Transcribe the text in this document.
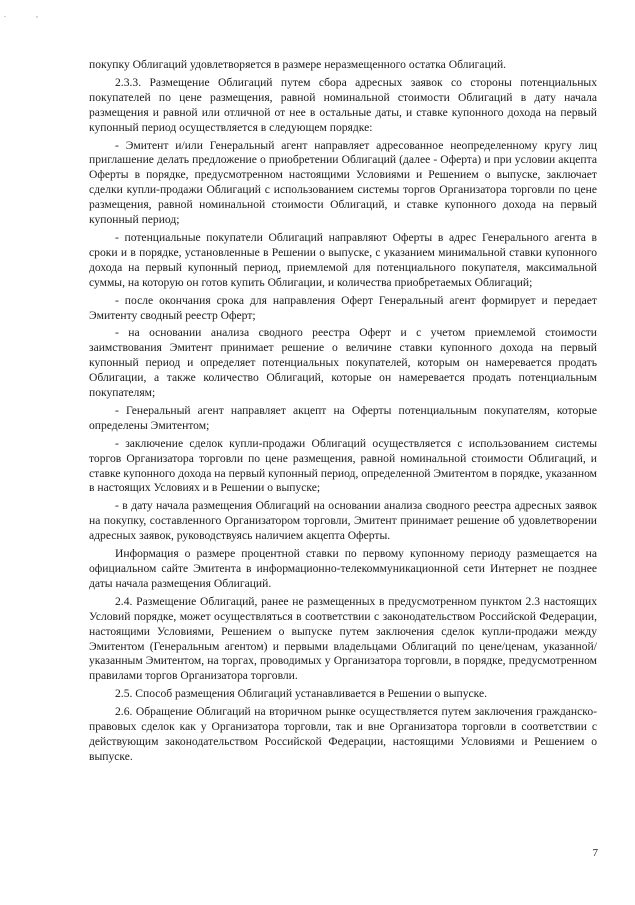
. ,

покупку Облигаций удовлетворяется в размере неразмещенного остатка Облигаций.

2.3.3. Размещение Облигаций путем сбора адресных заявок со стороны потенциальных покупателей по цене размещения, равной номинальной стоимости Облигаций в дату начала размещения и равной или отличной от нее в остальные даты, и ставке купонного дохода на первый купонный период осуществляется в следующем порядке:

- Эмитент и/или Генеральный агент направляет адресованное неопределенному кругу лиц приглашение делать предложение о приобретении Облигаций (далее - Оферта) и при условии акцепта Оферты в порядке, предусмотренном настоящими Условиями и Решением о выпуске, заключает сделки купли-продажи Облигаций с использованием системы торгов Организатора торговли по цене размещения, равной номинальной стоимости Облигаций, и ставке купонного дохода на первый купонный период;

- потенциальные покупатели Облигаций направляют Оферты в адрес Генерального агента в сроки и в порядке, установленные в Решении о выпуске, с указанием минимальной ставки купонного дохода на первый купонный период, приемлемой для потенциального покупателя, максимальной суммы, на которую он готов купить Облигации, и количества приобретаемых Облигаций;

- после окончания срока для направления Оферт Генеральный агент формирует и передает Эмитенту сводный реестр Оферт;

- на основании анализа сводного реестра Оферт и с учетом приемлемой стоимости заимствования Эмитент принимает решение о величине ставки купонного дохода на первый купонный период и определяет потенциальных покупателей, которым он намеревается продать Облигации, а также количество Облигаций, которые он намеревается продать потенциальным покупателям;

- Генеральный агент направляет акцепт на Оферты потенциальным покупателям, которые определены Эмитентом;

- заключение сделок купли-продажи Облигаций осуществляется с использованием системы торгов Организатора торговли по цене размещения, равной номинальной стоимости Облигаций, и ставке купонного дохода на первый купонный период, определенной Эмитентом в порядке, указанном в настоящих Условиях и в Решении о выпуске;

- в дату начала размещения Облигаций на основании анализа сводного реестра адресных заявок на покупку, составленного Организатором торговли, Эмитент принимает решение об удовлетворении адресных заявок, руководствуясь наличием акцепта Оферты.

Информация о размере процентной ставки по первому купонному периоду размещается на официальном сайте Эмитента в информационно-телекоммуникационной сети Интернет не позднее даты начала размещения Облигаций.

2.4. Размещение Облигаций, ранее не размещенных в предусмотренном пунктом 2.3 настоящих Условий порядке, может осуществляться в соответствии с законодательством Российской Федерации, настоящими Условиями, Решением о выпуске путем заключения сделок купли-продажи между Эмитентом (Генеральным агентом) и первыми владельцами Облигаций по цене/ценам, указанной/указанным Эмитентом, на торгах, проводимых у Организатора торговли, в порядке, предусмотренном правилами торгов Организатора торговли.

2.5. Способ размещения Облигаций устанавливается в Решении о выпуске.

2.6. Обращение Облигаций на вторичном рынке осуществляется путем заключения гражданско-правовых сделок как у Организатора торговли, так и вне Организатора торговли в соответствии с действующим законодательством Российской Федерации, настоящими Условиями и Решением о выпуске.

7
